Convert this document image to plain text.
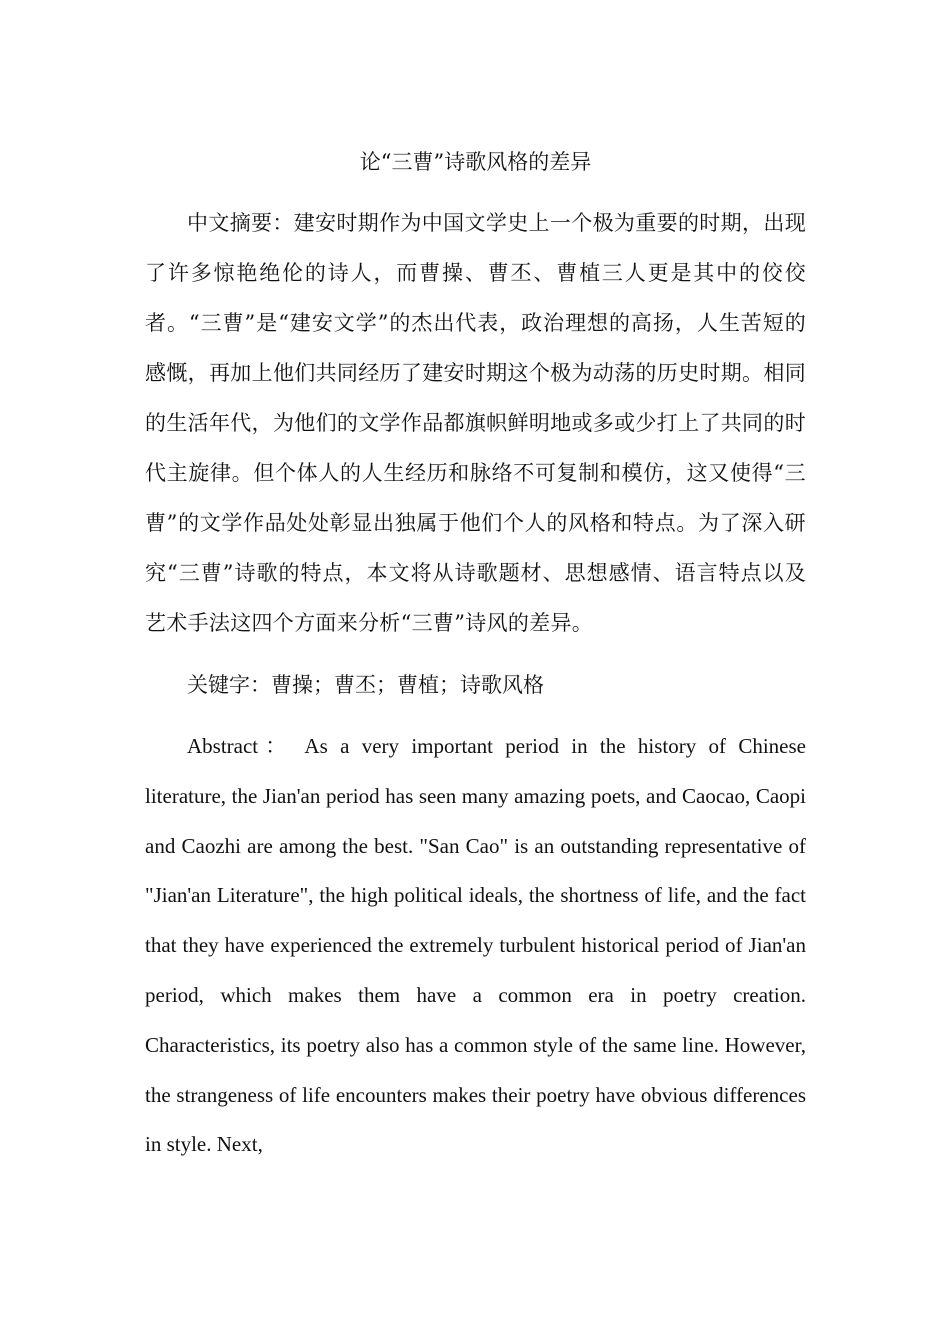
论“三曹”诗歌风格的差异

中文摘要：建安时期作为中国文学史上一个极为重要的时期，出现了许多惊艳绝伦的诗人，而曹操、曹丕、曹植三人更是其中的佼佼者。“三曹”是“建安文学”的杰出代表，政治理想的高扬，人生苦短的感慨，再加上他们共同经历了建安时期这个极为动荡的历史时期。相同的生活年代，为他们的文学作品都旗帜鲜明地或多或少打上了共同的时代主旋律。但个体人的人生经历和脉络不可复制和模仿，这又使得“三曹”的文学作品处处彰显出独属于他们个人的风格和特点。为了深入研究“三曹”诗歌的特点，本文将从诗歌题材、思想感情、语言特点以及艺术手法这四个方面来分析“三曹”诗风的差异。

关键字：曹操；曹丕；曹植；诗歌风格

Abstract： As a very important period in the history of Chinese literature, the Jian'an period has seen many amazing poets, and Caocao, Caopi and Caozhi are among the best. "San Cao" is an outstanding representative of "Jian'an Literature", the high political ideals, the shortness of life, and the fact that they have experienced the extremely turbulent historical period of Jian'an period, which makes them have a common era in poetry creation. Characteristics, its poetry also has a common style of the same line. However, the strangeness of life encounters makes their poetry have obvious differences in style. Next,
